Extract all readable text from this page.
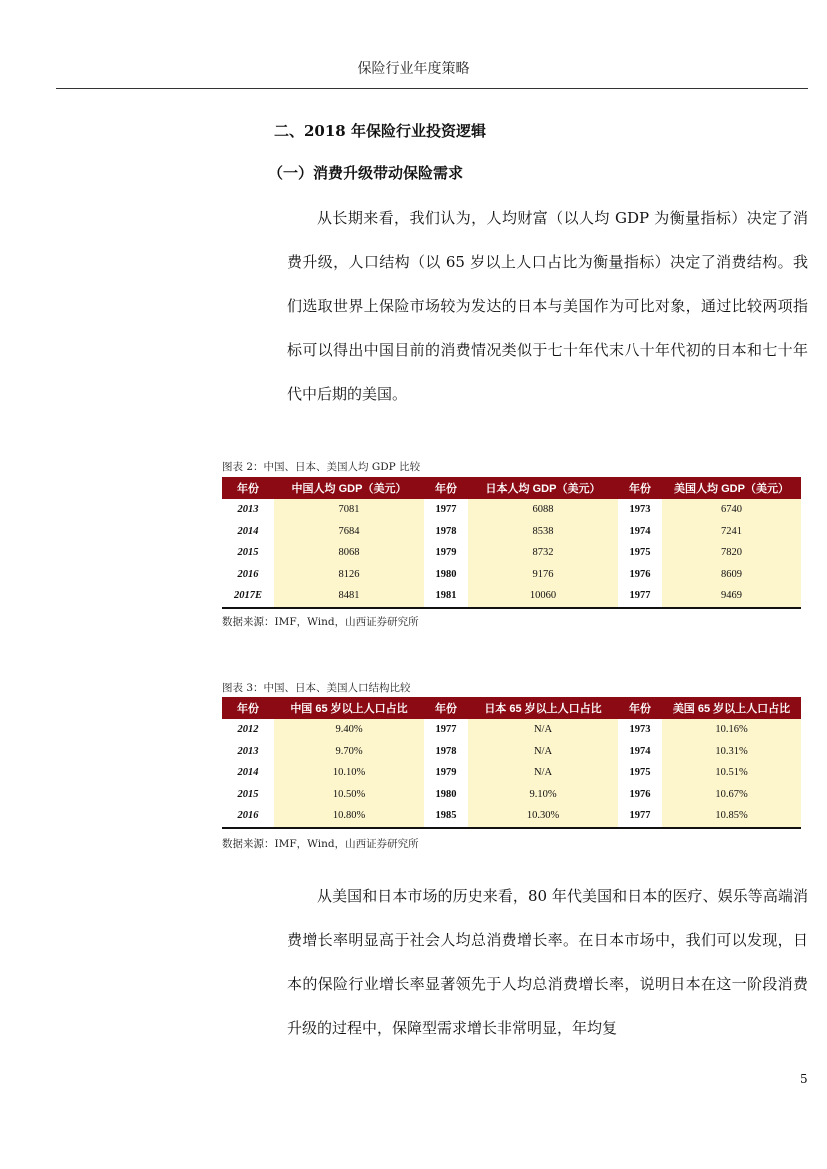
保险行业年度策略
二、2018 年保险行业投资逻辑
（一）消费升级带动保险需求

从长期来看，我们认为，人均财富（以人均 GDP 为衡量指标）决定了消费升级，人口结构（以 65 岁以上人口占比为衡量指标）决定了消费结构。我们选取世界上保险市场较为发达的日本与美国作为可比对象，通过比较两项指标可以得出中国目前的消费情况类似于七十年代末八十年代初的日本和七十年代中后期的美国。

图表 2：中国、日本、美国人均 GDP 比较
年份	中国人均 GDP（美元）	年份	日本人均 GDP（美元）	年份	美国人均 GDP（美元）
2013	7081	1977	6088	1973	6740
2014	7684	1978	8538	1974	7241
2015	8068	1979	8732	1975	7820
2016	8126	1980	9176	1976	8609
2017E	8481	1981	10060	1977	9469
数据来源：IMF，Wind，山西证券研究所
图表 3：中国、日本、美国人口结构比较
年份	中国 65 岁以上人口占比	年份	日本 65 岁以上人口占比	年份	美国 65 岁以上人口占比
2012	9.40%	1977	N/A	1973	10.16%
2013	9.70%	1978	N/A	1974	10.31%
2014	10.10%	1979	N/A	1975	10.51%
2015	10.50%	1980	9.10%	1976	10.67%
2016	10.80%	1985	10.30%	1977	10.85%
数据来源：IMF，Wind，山西证券研究所

从美国和日本市场的历史来看，80 年代美国和日本的医疗、娱乐等高端消费增长率明显高于社会人均总消费增长率。在日本市场中，我们可以发现，日本的保险行业增长率显著领先于人均总消费增长率，说明日本在这一阶段消费升级的过程中，保障型需求增长非常明显，年均复

5
